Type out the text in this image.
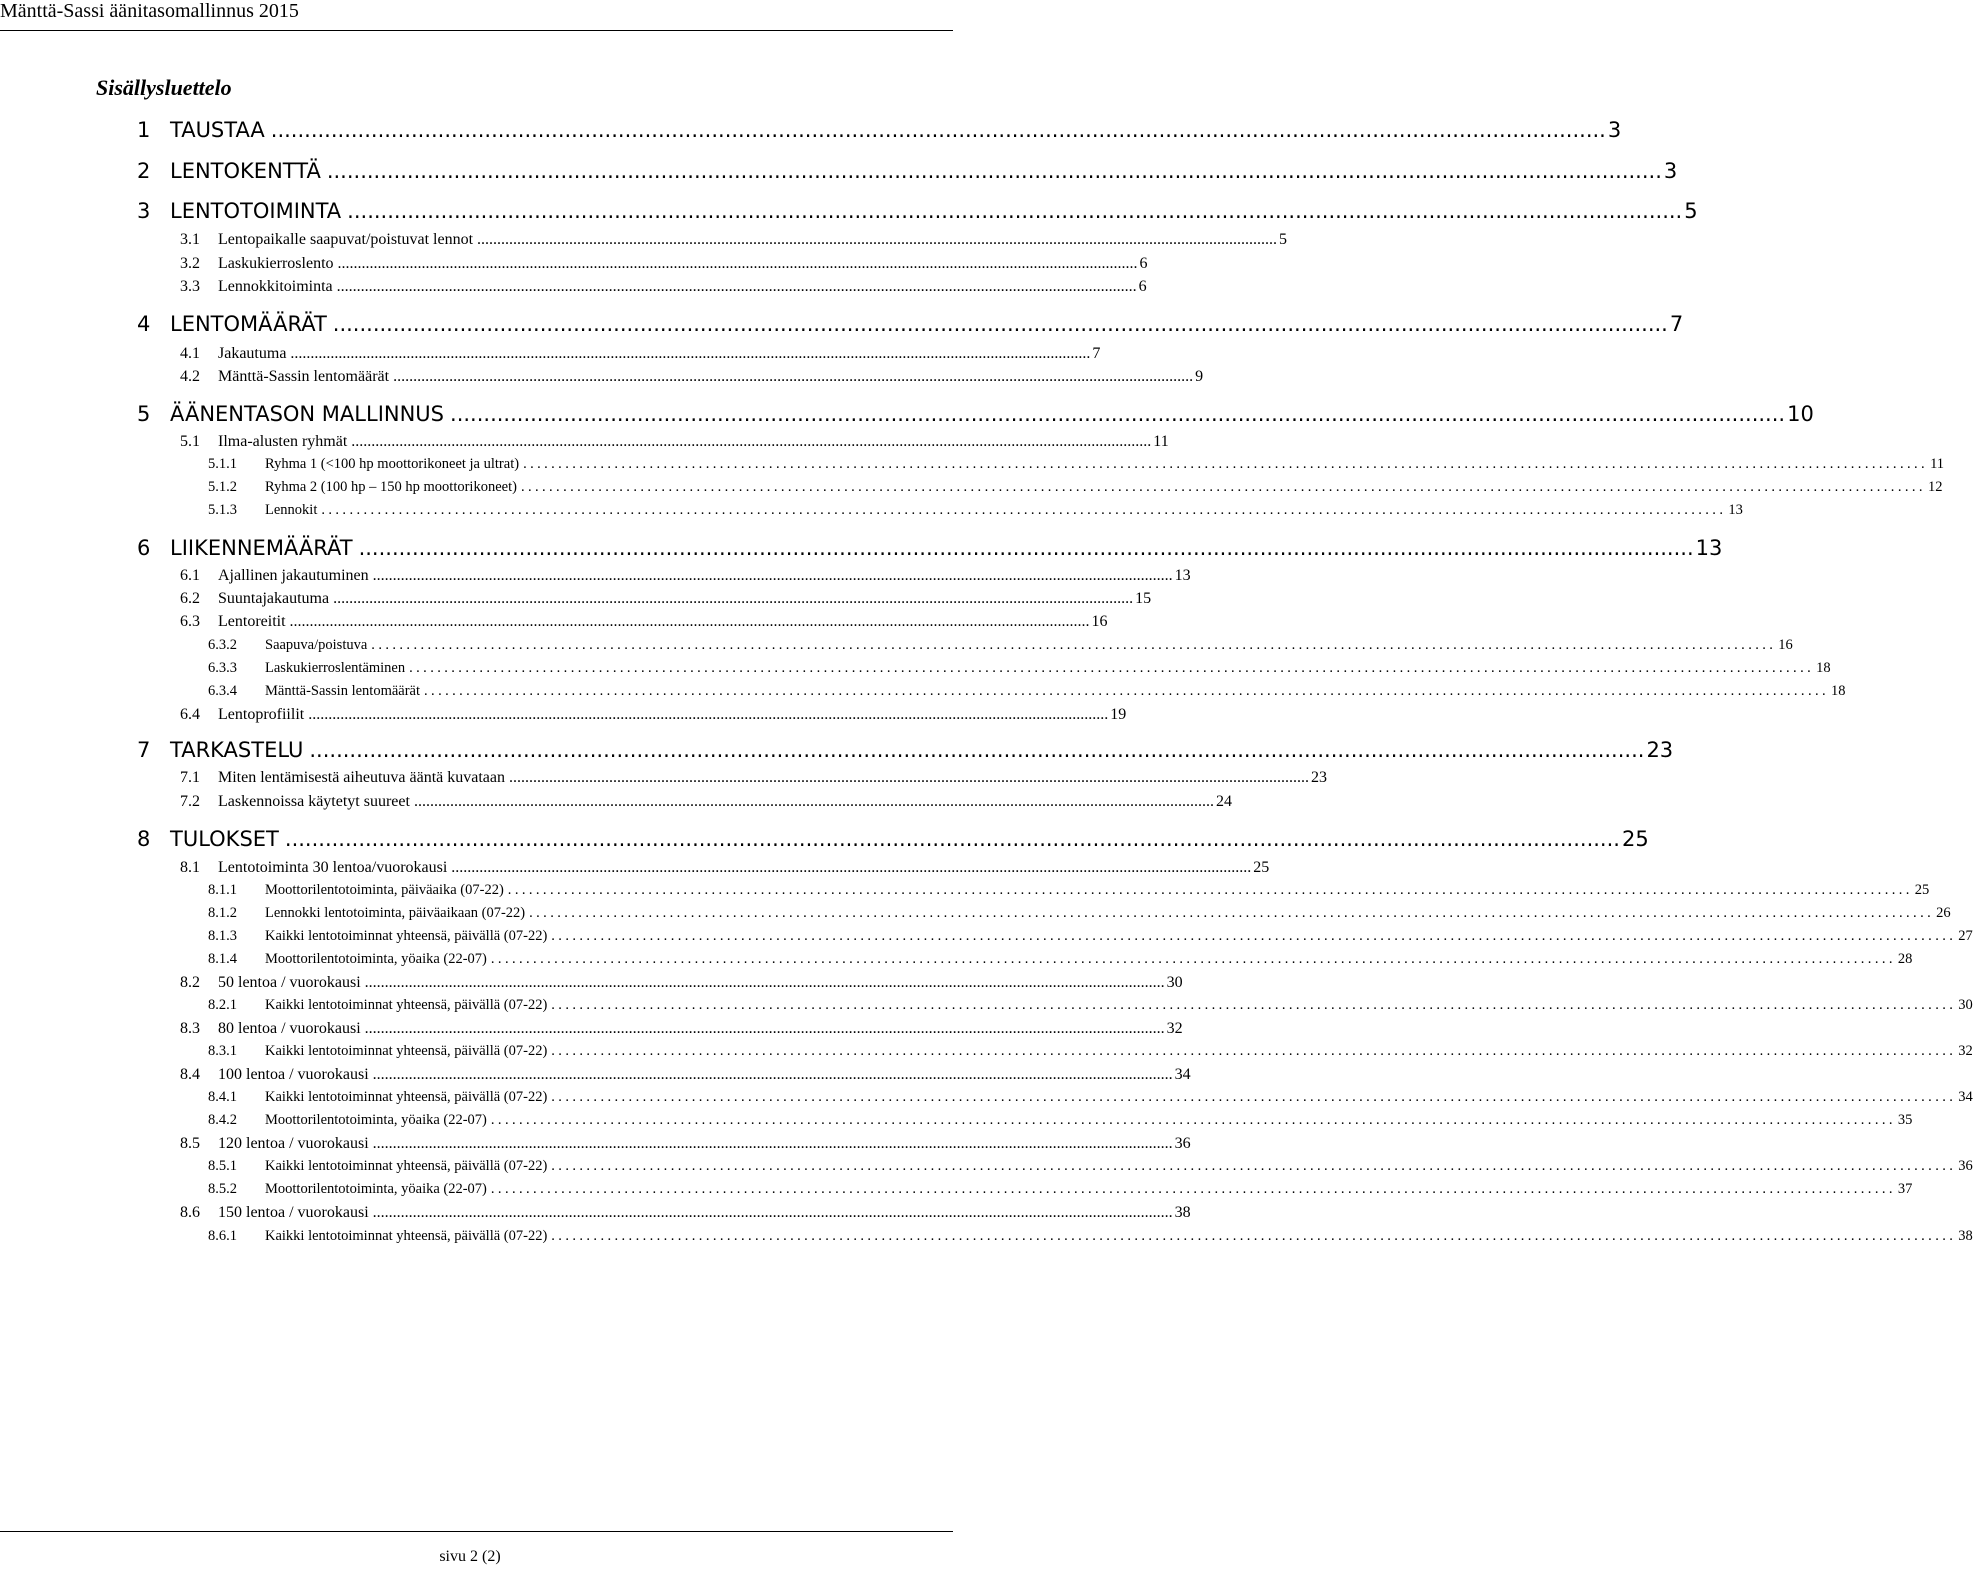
Mänttä-Sassi äänitasomallinnus 2015
Sisällysluettelo
1 TAUSTAA ........................................................................................................................................................................................................ 3
2 LENTOKENTTÄ ........................................................................................................................................................................................................ 3
3 LENTOTOIMINTA ........................................................................................................................................................................................................ 5
3.1	Lentopaikalle saapuvat/poistuvat lennot ........................................................................................................................................................................................................ 5
3.2	Laskukierroslento ........................................................................................................................................................................................................ 6
3.3	Lennokkitoiminta ........................................................................................................................................................................................................ 6
4 LENTOMÄÄRÄT ........................................................................................................................................................................................................ 7
4.1	Jakautuma ........................................................................................................................................................................................................ 7
4.2	Mänttä-Sassin lentomäärät ........................................................................................................................................................................................................ 9
5 ÄÄNENTASON MALLINNUS ........................................................................................................................................................................................................ 10
5.1	Ilma-alusten ryhmät ........................................................................................................................................................................................................ 11
5.1.1	Ryhma 1 (<100 hp moottorikoneet ja ultrat) ........................................................................................................................................................................................................ 11
5.1.2	Ryhma 2 (100 hp – 150 hp moottorikoneet) ........................................................................................................................................................................................................ 12
5.1.3	Lennokit ........................................................................................................................................................................................................ 13
6 LIIKENNEMÄÄRÄT ........................................................................................................................................................................................................ 13
6.1	Ajallinen jakautuminen ........................................................................................................................................................................................................ 13
6.2	Suuntajakautuma ........................................................................................................................................................................................................ 15
6.3	Lentoreitit ........................................................................................................................................................................................................ 16
6.3.2	Saapuva/poistuva ........................................................................................................................................................................................................ 16
6.3.3	Laskukierroslentäminen ........................................................................................................................................................................................................ 18
6.3.4	Mänttä-Sassin lentomäärät ........................................................................................................................................................................................................ 18
6.4	Lentoprofiilit ........................................................................................................................................................................................................ 19
7 TARKASTELU ........................................................................................................................................................................................................ 23
7.1	Miten lentämisestä aiheutuva ääntä kuvataan ........................................................................................................................................................................................................ 23
7.2	Laskennoissa käytetyt suureet ........................................................................................................................................................................................................ 24
8 TULOKSET ........................................................................................................................................................................................................ 25
8.1	Lentotoiminta 30 lentoa/vuorokausi ........................................................................................................................................................................................................ 25
8.1.1	Moottorilentotoiminta, päiväaika (07-22) ........................................................................................................................................................................................................ 25
8.1.2	Lennokki lentotoiminta, päiväaikaan (07-22) ........................................................................................................................................................................................................ 26
8.1.3	Kaikki lentotoiminnat yhteensä, päivällä (07-22) ........................................................................................................................................................................................................ 27
8.1.4	Moottorilentotoiminta, yöaika (22-07) ........................................................................................................................................................................................................ 28
8.2	50 lentoa / vuorokausi ........................................................................................................................................................................................................ 30
8.2.1	Kaikki lentotoiminnat yhteensä, päivällä (07-22) ........................................................................................................................................................................................................ 30
8.3	80 lentoa / vuorokausi ........................................................................................................................................................................................................ 32
8.3.1	Kaikki lentotoiminnat yhteensä, päivällä (07-22) ........................................................................................................................................................................................................ 32
8.4	100 lentoa / vuorokausi ........................................................................................................................................................................................................ 34
8.4.1	Kaikki lentotoiminnat yhteensä, päivällä (07-22) ........................................................................................................................................................................................................ 34
8.4.2	Moottorilentotoiminta, yöaika (22-07) ........................................................................................................................................................................................................ 35
8.5	120 lentoa / vuorokausi ........................................................................................................................................................................................................ 36
8.5.1	Kaikki lentotoiminnat yhteensä, päivällä (07-22) ........................................................................................................................................................................................................ 36
8.5.2	Moottorilentotoiminta, yöaika (22-07) ........................................................................................................................................................................................................ 37
8.6	150 lentoa / vuorokausi ........................................................................................................................................................................................................ 38
8.6.1	Kaikki lentotoiminnat yhteensä, päivällä (07-22) ........................................................................................................................................................................................................ 38
sivu 2 (2)
